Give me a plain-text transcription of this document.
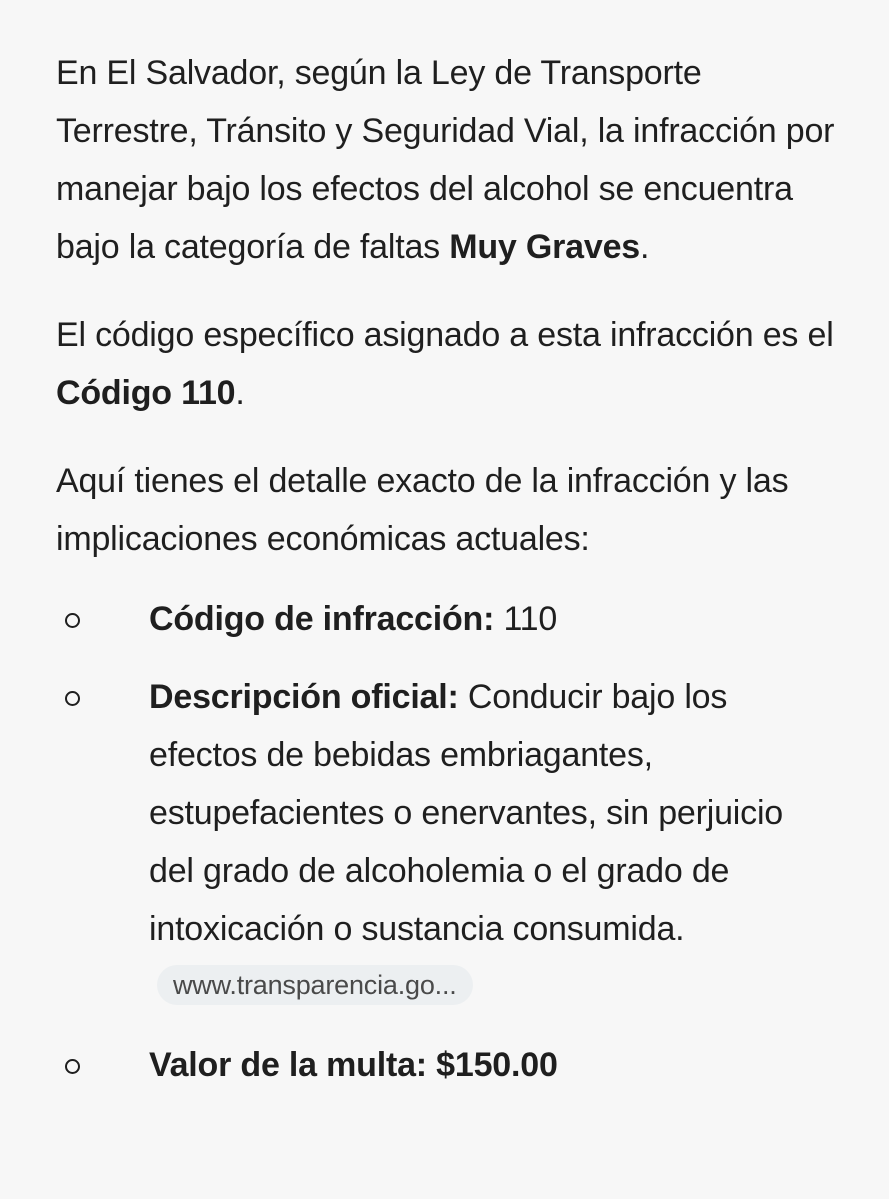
En El Salvador, según la Ley de Transporte Terrestre, Tránsito y Seguridad Vial, la infracción por manejar bajo los efectos del alcohol se encuentra bajo la categoría de faltas Muy Graves.

El código específico asignado a esta infracción es el Código 110.

Aquí tienes el detalle exacto de la infracción y las implicaciones económicas actuales:

Código de infracción: 110
Descripción oficial: Conducir bajo los efectos de bebidas embriagantes, estupefacientes o enervantes, sin perjuicio del grado de alcoholemia o el grado de intoxicación o sustancia consumida.www.transparencia.go...
Valor de la multa: $150.00
